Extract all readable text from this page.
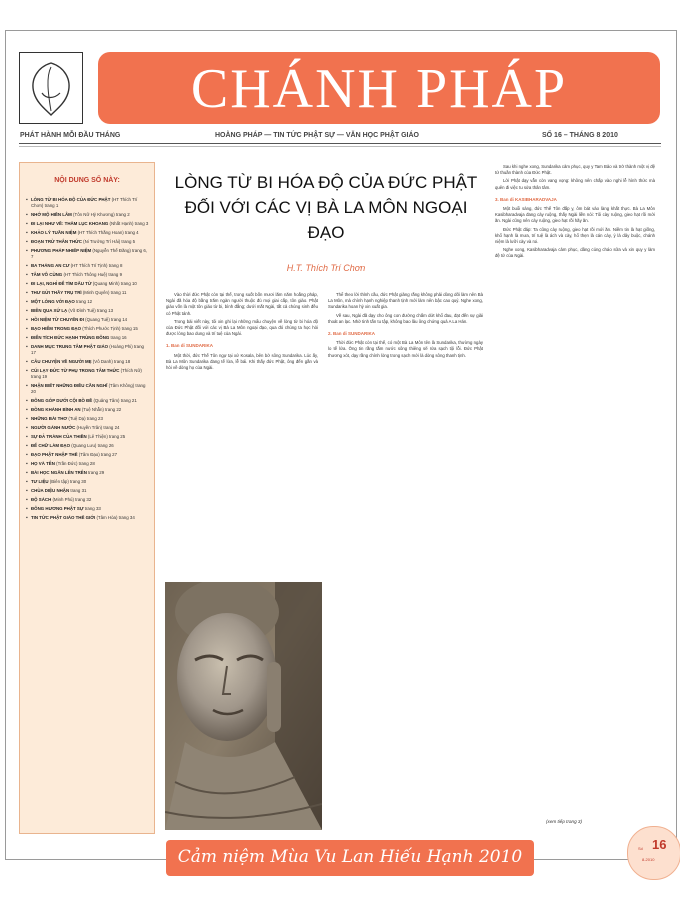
CHÁNH PHÁP
PHÁT HÀNH MỖI ĐẦU THÁNG	HOẰNG PHÁP — TIN TỨC PHẬT SỰ — VĂN HỌC PHẬT GIÁO	SỐ 16 – THÁNG 8 2010
NỘI DUNG SỐ NÀY:
▪ LÒNG TỪ BI HÓA ĐỘ CỦA ĐỨC PHẬT (HT Thích Trí Chơn) trang 1
▪ NHỚ MỘ HIỀN LÂM (Tôn Nữ Hỷ Khương) trang 2
▪ ĐI LẠI NHƯ VỀ: THĂM LỤC KHOANG (Nhất Hạnh) trang 3
▪ KHẢO LÝ TUẦN NIỆM (HT Thích Thắng Hoan) trang 4
▪ ĐOẠN TRỪ THÂN THỨC (Ni Trưởng Trí Hải) trang 5
▪ PHƯƠNG PHÁP NHIẾP NIỆM (Nguyễn Thế Đăng) trang 6, 7
▪ BA THÁNG AN CƯ (HT Thích Trí Tịnh) trang 8
▪ TÂM VÔ CÙNG (HT Thích Thông Huệ) trang 9
▪ ĐI LẠI, NGHỈ ĐỂ TÌM DẤU TỪ (Quang Minh) trang 10
▪ THƯ GỬI THẦY TRỤ TRÌ (Minh Quyên) trang 11
▪ MỘT LÒNG VỚI ĐẠO trang 12
▪ BIÊN QUA XỨ LẠ (Võ Đình Tuệ) trang 13
▪ HỒI NIỆM TỪ CHUYẾN ĐI (Quang Tuệ) trang 14
▪ BẠO HIỂM TRONG ĐẠO (Thích Phước Tịnh) trang 15
▪ ĐIỂN TÍCH ĐỨC HẠNH TRÙNG ĐÔNG trang 16
▪ DANH MỤC TRUNG TÂM PHẬT GIÁO (Hoàng Phi) trang 17
▪ CÂU CHUYỆN VỀ NGƯỜI MẸ (Vô Danh) trang 18
▪ CÚI LẠY ĐỨC TỪ PHỤ TRONG TÂM THỨC (Thích Nữ) trang 19
▪ NHẬN BIẾT NHỮNG ĐIỀU CẦN NGHĨ (Tâm Không) trang 20
▪ ĐÔNG GÓP DƯỚI CỘI BỒ ĐỀ (Quảng Tâm) trang 21
▪ ĐỒNG KHÁNH BÌNH AN (Tuệ Nhẫn) trang 22
▪ NHỮNG BÀI THƠ (Tuệ Dạ) trang 23
▪ NGƯỜI GÁNH NƯỚC (Huyền Trân) trang 24
▪ SỰ ĐẢ TRÀNH CỦA THIỀN (Lê Thiện) trang 25
▪ ĐỂ CHỮ LÀM ĐẠO (Quang Lưu) trang 26
▪ ĐẠO PHẬT NHẬP THẾ (Tâm Đạo) trang 27
▪ HỌ VÀ TÊN (Trần Đức) trang 28
▪ BÀI HỌC NGẮN LÊN TRÊN trang 29
▪ TƯ LIỆU (Biên tập) trang 30
▪ CHÙA DIỆU NHẬN trang 31
▪ ĐỘ SÁCH (Minh Phú) trang 32
▪ ĐÔNG HƯƠNG PHẬT SỰ trang 33
▪ TIN TỨC PHẬT GIÁO THẾ GIỚI (Tâm Hòa) trang 34
LÒNG TỪ BI HÓA ĐỘ CỦA ĐỨC PHẬT ĐỐI VỚI CÁC VỊ BÀ LA MÔN NGOẠI ĐẠO
H.T. Thích Trí Chơn

Vào thời đức Phật còn tại thế, trong suốt bốn mươi lăm năm hoằng pháp, Ngài đã hóa độ bằng trăm ngàn người thuộc đủ mọi giai cấp, tôn giáo. Phật giáo vốn là một tôn giáo từ bi, bình đẳng; dưới mắt Ngài, tất cả chúng sinh đều có Phật tánh.

Trong bài viết này, tôi xin ghi lại những mẩu chuyện về lòng từ bi hóa độ của Đức Phật đối với các vị Bà La Môn ngoại đạo, qua đó chúng ta học hỏi được lòng bao dung và trí tuệ của Ngài.

1. Ban di SUNDARIKA

Một thời, đức Thế Tôn ngự tại xứ Kosala, bên bờ sông Sundarika. Lúc ấy, Bà La Môn Sundarika đang tế lửa, lễ bái. Khi thấy đức Phật, ông đến gần và hỏi về dòng họ của Ngài.

Thể theo lời thỉnh cầu, đức Phật giảng rằng không phải dòng dõi làm nên Bà La Môn, mà chính hạnh nghiệp thanh tịnh mới làm nên bậc cao quý. Nghe xong, Sundarika hoan hỷ xin xuất gia.

Về sau, Ngài đã dạy cho ông con đường chấm dứt khổ đau, đạt đến sự giải thoát an lạc. Nhờ tinh tấn tu tập, không bao lâu ông chứng quả A La Hán.

2. Ban di SUNDARIKA

Thời đức Phật còn tại thế, có một Bà La Môn tên là Sundarika, thường ngày lo tế lửa. Ông tin rằng tắm nước sông thiêng sẽ rửa sạch tội lỗi. Đức Phật thương xót, dạy rằng chính lòng trong sạch mới là dòng sông thanh tịnh.

Sau khi nghe xong, Sundarika cảm phục, quy y Tam Bảo và trở thành một vị đệ tử thuần thành của Đức Phật.

Lời Phật dạy vẫn còn vang vọng: không nên chấp vào nghi lễ hình thức mà quên đi việc tu sửa thân tâm.

3. Ban di KASIBHARADVAJA

Một buổi sáng, đức Thế Tôn đắp y, ôm bát vào làng khất thực. Bà La Môn Kasibharadvaja đang cày ruộng, thấy Ngài liền nói: Tôi cày ruộng, gieo hạt rồi mới ăn. Ngài cũng nên cày ruộng, gieo hạt rồi hãy ăn.

Đức Phật đáp: Ta cũng cày ruộng, gieo hạt rồi mới ăn. Niềm tin là hạt giống, khổ hạnh là mưa, trí tuệ là ách và cày, hổ thẹn là cán cày, ý là dây buộc, chánh niệm là lưỡi cày và roi.

Nghe xong, Kasibharadvaja cảm phục, dâng cúng cháo sữa và xin quy y làm đệ tử của Ngài.

(xem tiếp trang 3)
Cảm niệm Mùa Vu Lan Hiếu Hạnh 2010	Số 16
8-2010
